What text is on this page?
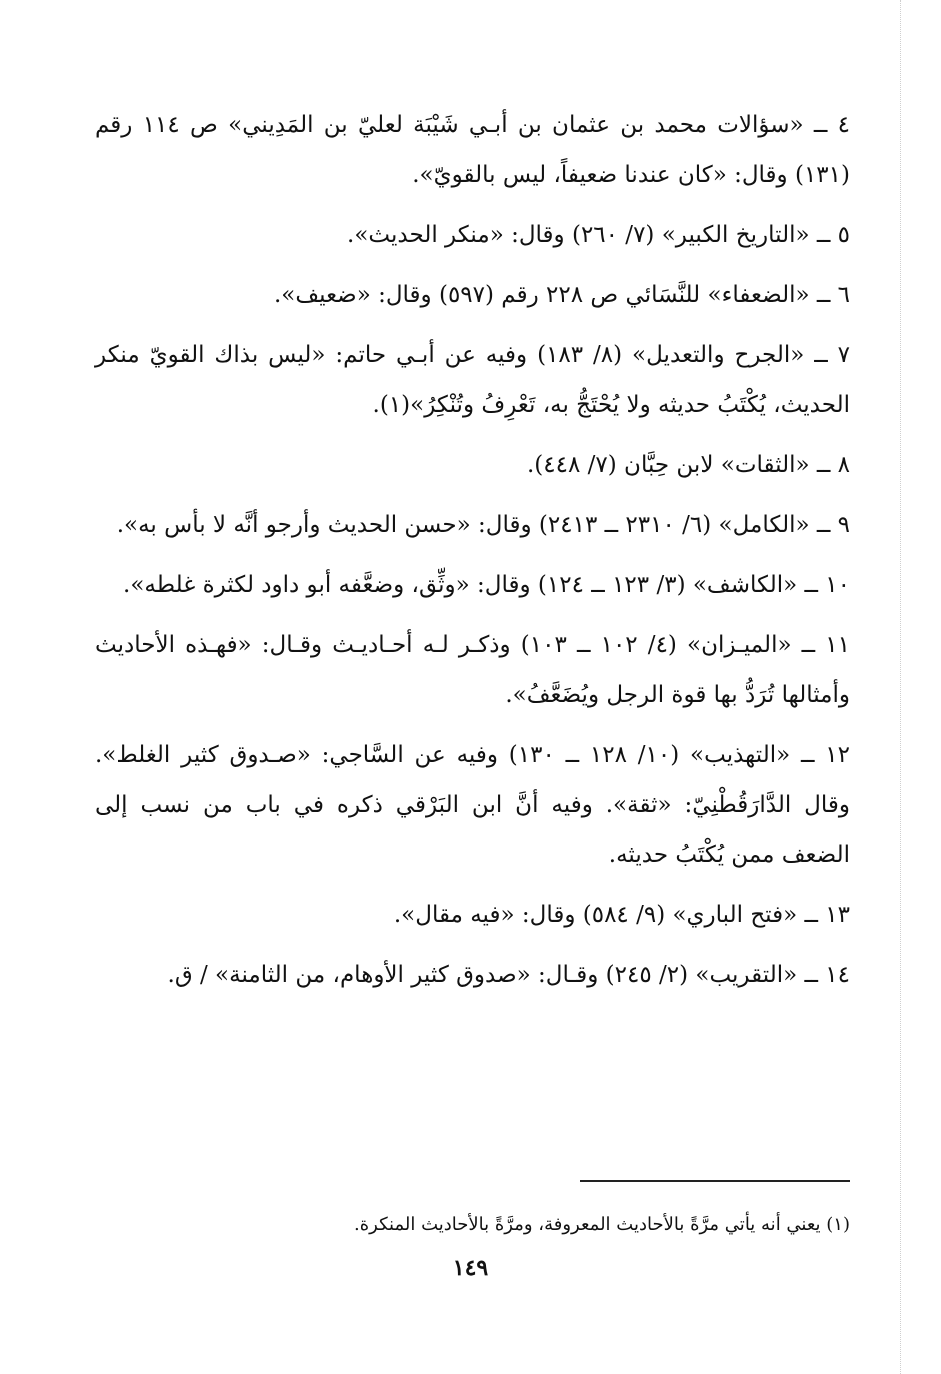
٤ ــ «سؤالات محمد بن عثمان بن أبـي شَيْبَة لعليّ بن المَدِيني» ص ١١٤ رقم (١٣١) وقال: «كان عندنا ضعيفاً، ليس بالقويّ».

٥ ــ «التاريخ الكبير» (٧/ ٢٦٠) وقال: «منكر الحديث».

٦ ــ «الضعفاء» للنَّسَائي ص ٢٢٨ رقم (٥٩٧) وقال: «ضعيف».

٧ ــ «الجرح والتعديل» (٨/ ١٨٣) وفيه عن أبـي حاتم: «ليس بذاك القويّ منكر الحديث، يُكْتَبُ حديثه ولا يُحْتَجُّ به، تَعْرِفُ وتُنْكِرُ»(١).

٨ ــ «الثقات» لابن حِبَّان (٧/ ٤٤٨).

٩ ــ «الكامل» (٦/ ٢٣١٠ ــ ٢٤١٣) وقال: «حسن الحديث وأرجو أنَّه لا بأس به».

١٠ ــ «الكاشف» (٣/ ١٢٣ ــ ١٢٤) وقال: «وثِّق، وضعَّفه أبو داود لكثرة غلطه».

١١ ــ «الميـزان» (٤/ ١٠٢ ــ ١٠٣) وذكـر لـه أحـاديـث وقـال: «فهـذه الأحاديث وأمثالها تُرَدُّ بها قوة الرجل ويُضَعَّفُ».

١٢ ــ «التهذيب» (١٠/ ١٢٨ ــ ١٣٠) وفيه عن السَّاجي: «صـدوق كثير الغلط». وقال الدَّارَقُطْنِيّ: «ثقة». وفيه أنَّ ابن البَرْقي ذكره في باب من نسب إلى الضعف ممن يُكْتَبُ حديثه.

١٣ ــ «فتح الباري» (٩/ ٥٨٤) وقال: «فيه مقال».

١٤ ــ «التقريب» (٢/ ٢٤٥) وقـال: «صدوق كثير الأوهام، من الثامنة» / ق.

(١) يعني أنه يأتي مرَّةً بالأحاديث المعروفة، ومرَّةً بالأحاديث المنكرة.

١٤٩
